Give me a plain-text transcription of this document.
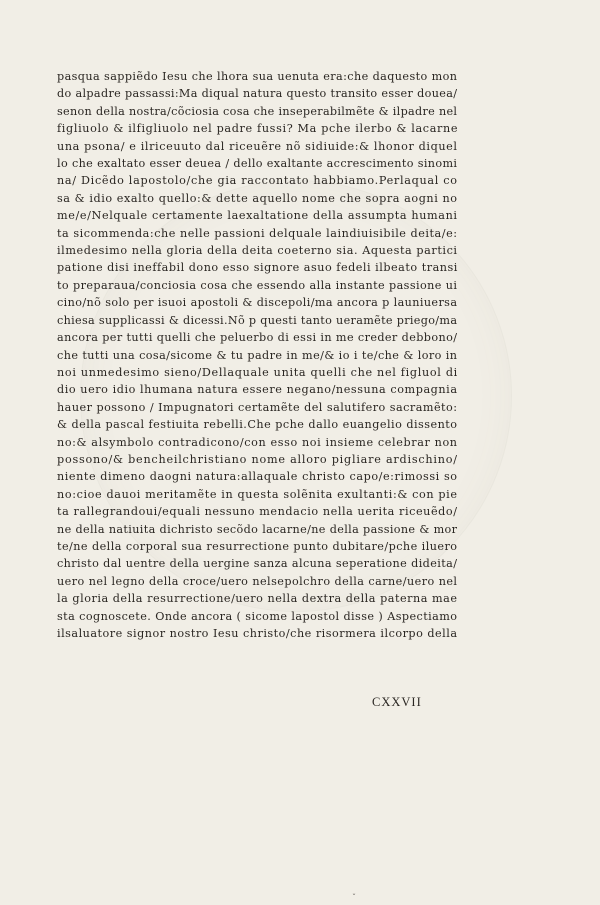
pasqua sappiẽdo Iesu che lhora sua uenuta era:che daquesto mon
do alpadre passassi:Ma diqual natura questo transito esser douea/
senon della nostra/cõciosia cosa che inseperabilmẽte & ilpadre nel
figliuolo & ilfigliuolo nel padre fussi? Ma pche ilerbo & lacarne
una psona/ e ilriceuuto dal riceuẽre nõ sidiuide:& lhonor diquel
lo che exaltato esser deuea / dello exaltante accrescimento sinomi
na/ Dicẽdo lapostolo/che gia raccontato habbiamo.Perlaqual co
sa & idio exalto quello:& dette aquello nome che sopra aogni no
me/e/Nelquale certamente laexaltatione della assumpta humani
ta sicommenda:che nelle passioni delquale laindiuisibile deita/e:
ilmedesimo nella gloria della deita coeterno sia. Aquesta partici
patione disi ineffabil dono esso signore asuo fedeli ilbeato transi
to preparaua/conciosia cosa che essendo alla instante passione ui
cino/nõ solo per isuoi apostoli & discepoli/ma ancora p launiuersa
chiesa supplicassi & dicessi.Nõ p questi tanto ueramẽte priego/ma
ancora per tutti quelli che peluerbo di essi in me creder debbono/
che tutti una cosa/sicome & tu padre in me/& io i te/che & loro in
noi unmedesimo sieno/Dellaquale unita quelli che nel figluol di
dio uero idio lhumana natura essere negano/nessuna compagnia
hauer possono / Impugnatori certamẽte del salutifero sacramẽto:
& della pascal festiuita rebelli.Che pche dallo euangelio dissento
no:& alsymbolo contradicono/con esso noi insieme celebrar non
possono/& bencheilchristiano nome alloro pigliare ardischino/
niente dimeno daogni natura:allaquale christo capo/e:rimossi so
no:cioe dauoi meritamẽte in questa solẽnita exultanti:& con pie
ta rallegrandoui/equali nessuno mendacio nella uerita riceuẽdo/
ne della natiuita dichristo secõdo lacarne/ne della passione & mor
te/ne della corporal sua resurrectione punto dubitare/pche iluero
christo dal uentre della uergine sanza alcuna seperatione dideita/
uero nel legno della croce/uero nelsepolchro della carne/uero nel
la gloria della resurrectione/uero nella dextra della paterna mae
sta cognoscete. Onde ancora ( sicome lapostol disse ) Aspectiamo
ilsaluatore signor nostro Iesu christo/che risormera ilcorpo della
CXXVII
ˇ
